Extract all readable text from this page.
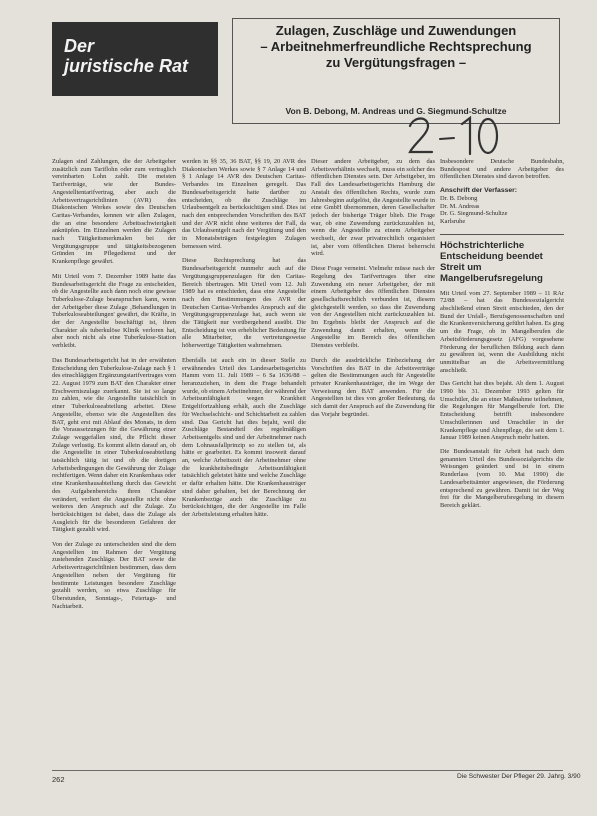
Der
juristische Rat
Zulagen, Zuschläge und Zuwendungen
– Arbeitnehmerfreundliche Rechtsprechung
zu Vergütungsfragen –
Von B. Debong, M. Andreas und G. Siegmund-Schultze

Zulagen sind Zahlungen, die der Arbeitgeber zusätzlich zum Tariflohn oder zum vertraglich vereinbarten Lohn zahlt. Die meisten Tarifverträge, wie der Bundes-Angestelltentarifvertrag, aber auch die Arbeitsvertragsrichtlinien (AVR) des Diakonischen Werkes sowie des Deutschen Caritas-Verbandes, kennen wir allen Zulagen, die an eine besondere Arbeitsschwierigkeit anknüpfen. Im Einzelnen werden die Zulagen nach Tätigkeitsmerkmalen bei der Vergütungsgruppe und tätigkeitsbezogenen Gründen im Pflegedienst und der Krankenpflege gewährt.

Mit Urteil vom 7. Dezember 1989 hatte das Bundesarbeitsgericht die Frage zu entscheiden, ob die Angestellte auch dann noch eine gewisse Tuberkulose-Zulage beanspruchen kann, wenn der Arbeitgeber diese Zulage ‚Behandlungen in Tuberkuloseabteilungen' gewährt, die Kräfte, in der der Angestellte beschäftigt ist, ihren Charakter als tuberkulöse Klinik verloren hat, aber noch nicht als eine Tuberkulose-Station verbleibt.

Das Bundesarbeitsgericht hat in der erwähnten Entscheidung den Tuberkulose-Zulage nach § 1 des einschlägigen Ergänzungstarifvertrages vom 22. August 1979 zum BAT den Charakter einer Erschwerniszulage zuerkannt. Sie ist so lange zu zahlen, wie die Angestellte tatsächlich in einer Tuberkuloseabteilung arbeitet. Diese Angestellte, ebenso wie die Angestellten des BAT, geht erst mit Ablauf des Monats, in dem die Voraussetzungen für die Gewährung einer Zulage weggefallen sind, die Pflicht dieser Zulage verlustig. Es kommt allein darauf an, ob die Angestellte in einer Tuberkuloseabteilung tatsächlich tätig ist und ob die dortigen Arbeitsbedingungen die Gewährung der Zulage rechtfertigen. Wenn daher ein Krankenhaus oder eine Krankenhausabteilung durch das Gewicht des Aufgabenbereichs ihren Charakter verändert, verliert die Angestellte nicht ohne weiteres den Anspruch auf die Zulage. Zu berücksichtigen ist dabei, dass die Zulage als Ausgleich für die besonderen Gefahren der Tätigkeit gezahlt wird.

Von der Zulage zu unterscheiden sind die dem Angestellten im Rahmen der Vergütung zustehenden Zuschläge. Der BAT sowie die Arbeitsvertragsrichtlinien bestimmen, dass dem Angestellten neben der Vergütung für bestimmte Leistungen besondere Zuschläge gezahlt werden, so etwa Zuschläge für Überstunden, Sonntags-, Feiertags- und Nachtarbeit.

werden in §§ 35, 36 BAT, §§ 19, 20 AVR des Diakonischen Werkes sowie § 7 Anlage 14 und § 1 Anlage 14 AVR des Deutschen Caritas-Verbandes im Einzelnen geregelt. Das Bundesarbeitsgericht hatte darüber zu entscheiden, ob die Zuschläge im Urlaubsentgelt zu berücksichtigen sind. Dies ist nach den entsprechenden Vorschriften des BAT und der AVR nicht ohne weiteres der Fall, da das Urlaubsentgelt nach der Vergütung und den in Monatsbeträgen festgelegten Zulagen bemessen wird.

Diese Rechtsprechung hat das Bundesarbeitsgericht nunmehr auch auf die Vergütungsgruppenzulagen für den Caritas-Bereich übertragen. Mit Urteil vom 12. Juli 1989 hat es entschieden, dass eine Angestellte nach den Bestimmungen des AVR der Deutschen Caritas-Verbandes Anspruch auf die Vergütungsgruppenzulage hat, auch wenn sie die Tätigkeit nur vorübergehend ausübt. Die Entscheidung ist von erheblicher Bedeutung für alle Mitarbeiter, die vertretungsweise höherwertige Tätigkeiten wahrnehmen.

Ebenfalls ist auch ein in dieser Stelle zu erwähnendes Urteil des Landesarbeitsgerichts Hamm vom 11. Juli 1989 – 6 Sa 1636/88 – heranzuziehen, in dem die Frage behandelt wurde, ob einem Arbeitnehmer, der während der Arbeitsunfähigkeit wegen Krankheit Entgeltfortzahlung erhält, auch die Zuschläge für Wechselschicht- und Schichtarbeit zu zahlen sind. Das Gericht hat dies bejaht, weil die Zuschläge Bestandteil des regelmäßigen Arbeitsentgelts sind und der Arbeitnehmer nach dem Lohnausfallprinzip so zu stellen ist, als hätte er gearbeitet. Es kommt insoweit darauf an, welche Arbeitszeit der Arbeitnehmer ohne die krankheitsbedingte Arbeitsunfähigkeit tatsächlich geleistet hätte und welche Zuschläge er dafür erhalten hätte. Die Krankenhausträger sind daher gehalten, bei der Berechnung der Krankenbezüge auch die Zuschläge zu berücksichtigen, die der Angestellte im Falle der Arbeitsleistung erhalten hätte.

Dieser andere Arbeitgeber, zu dem das Arbeitsverhältnis wechselt, muss ein solcher des öffentlichen Dienstes sein. Der Arbeitgeber, im Fall des Landesarbeitsgerichts Hamburg die Anstalt des öffentlichen Rechts, wurde zum Jahresbeginn aufgelöst, die Angestellte wurde in eine GmbH übernommen, deren Gesellschafter jedoch der bisherige Träger blieb. Die Frage war, ob eine Zuwendung zurückzuzahlen ist, wenn die Angestellte zu einem Arbeitgeber wechselt, der zwar privatrechtlich organisiert ist, aber vom öffentlichen Dienst beherrscht wird.

Diese Frage verneint. Vielmehr müsse nach der Regelung des Tarifvertrages über eine Zuwendung ein neuer Arbeitgeber, der mit einem Arbeitgeber des öffentlichen Dienstes gesellschaftsrechtlich verbunden ist, diesem gleichgestellt werden, so dass die Zuwendung von der Angestellten nicht zurückzuzahlen ist. Im Ergebnis bleibt der Anspruch auf die Zuwendung damit erhalten, wenn die Angestellte im Bereich des öffentlichen Dienstes verbleibt.

Durch die ausdrückliche Einbeziehung der Vorschriften des BAT in die Arbeitsverträge gelten die Bestimmungen auch für Angestellte privater Krankenhausträger, die im Wege der Verweisung den BAT anwenden. Für die Angestellten ist dies von großer Bedeutung, da sich damit der Anspruch auf die Zuwendung für das Vorjahr begründet.

Insbesondere Deutsche Bundesbahn, Bundespost und andere Arbeitgeber des öffentlichen Dienstes sind davon betroffen.

Anschrift der Verfasser:
Dr. B. Debong
Dr. M. Andreas
Dr. G. Siegmund-Schultze
Karlsruhe
Höchstrichterliche Entscheidung beendet Streit um Mangelberufsregelung

Mit Urteil vom 27. September 1989 – 11 RAr 72/88 – hat das Bundessozialgericht abschließend einen Streit entschieden, den der Bund der Unfall-, Berufsgenossenschaften und die Krankenversicherung geführt haben. Es ging um die Frage, ob in Mangelberufen die Arbeitsförderungsgesetz (AFG) vorgesehene Förderung der beruflichen Bildung auch dann zu gewähren ist, wenn die Ausbildung nicht unmittelbar an die Arbeitsvermittlung anschließt.

Das Gericht hat dies bejaht. Ab dem 1. August 1990 bis 31. Dezember 1993 gelten für Umschüler, die an einer Maßnahme teilnehmen, die Regelungen für Mangelberufe fort. Die Entscheidung betrifft insbesondere Umschülerinnen und Umschüler in der Krankenpflege und Altenpflege, die seit dem 1. Januar 1989 keinen Anspruch mehr hatten.

Die Bundesanstalt für Arbeit hat nach dem genannten Urteil des Bundessozialgerichts die Weisungen geändert und ist in einem Runderlass (vom 10. Mai 1990) die Landesarbeitsämter angewiesen, die Förderung entsprechend zu gewähren. Damit ist der Weg frei für die Mangelberufsregelung in diesem Bereich geklärt.

262	Die Schwester Der Pfleger 29. Jahrg. 3/90
